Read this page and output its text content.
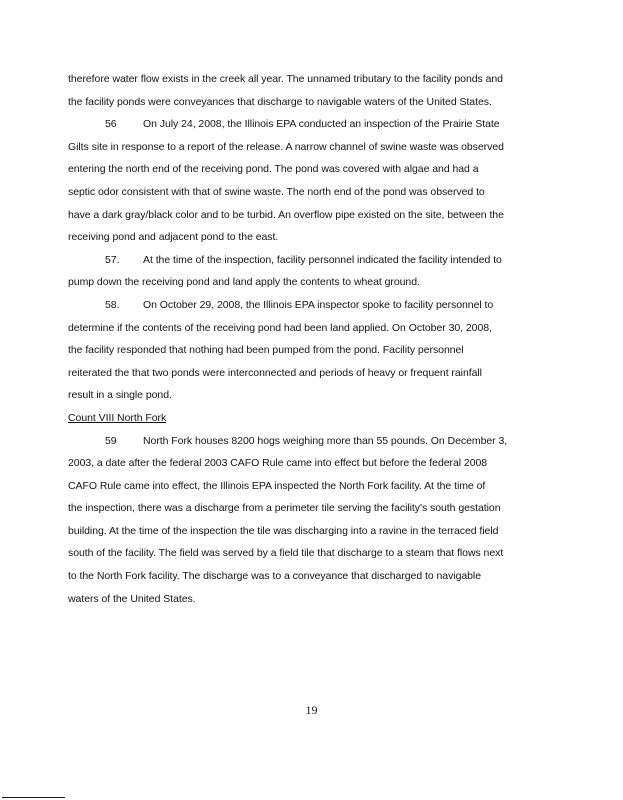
therefore water flow exists in the creek all year. The unnamed tributary to the facility ponds and
the facility ponds were conveyances that discharge to navigable waters of the United States.
56	On July 24, 2008, the Illinois EPA conducted an inspection of the Prairie State
Gilts site in response to a report of the release. A narrow channel of swine waste was observed
entering the north end of the receiving pond. The pond was covered with algae and had a
septic odor consistent with that of swine waste. The north end of the pond was observed to
have a dark gray/black color and to be turbid. An overflow pipe existed on the site, between the
receiving pond and adjacent pond to the east.
57. At the time of the inspection, facility personnel indicated the facility intended to
pump down the receiving pond and land apply the contents to wheat ground.
58. On October 29, 2008, the Illinois EPA inspector spoke to facility personnel to
determine if the contents of the receiving pond had been land applied. On October 30, 2008,
the facility responded that nothing had been pumped from the pond. Facility personnel
reiterated the that two ponds were interconnected and periods of heavy or frequent rainfall
result in a single pond.
Count VIII North Fork
59	North Fork houses 8200 hogs weighing more than 55 pounds. On December 3,
2003, a date after the federal 2003 CAFO Rule came into effect but before the federal 2008
CAFO Rule came into effect, the Illinois EPA inspected the North Fork facility. At the time of
the inspection, there was a discharge from a perimeter tile serving the facility's south gestation
building. At the time of the inspection the tile was discharging into a ravine in the terraced field
south of the facility. The field was served by a field tile that discharge to a steam that flows next
to the North Fork facility. The discharge was to a conveyance that discharged to navigable
waters of the United States.
19
